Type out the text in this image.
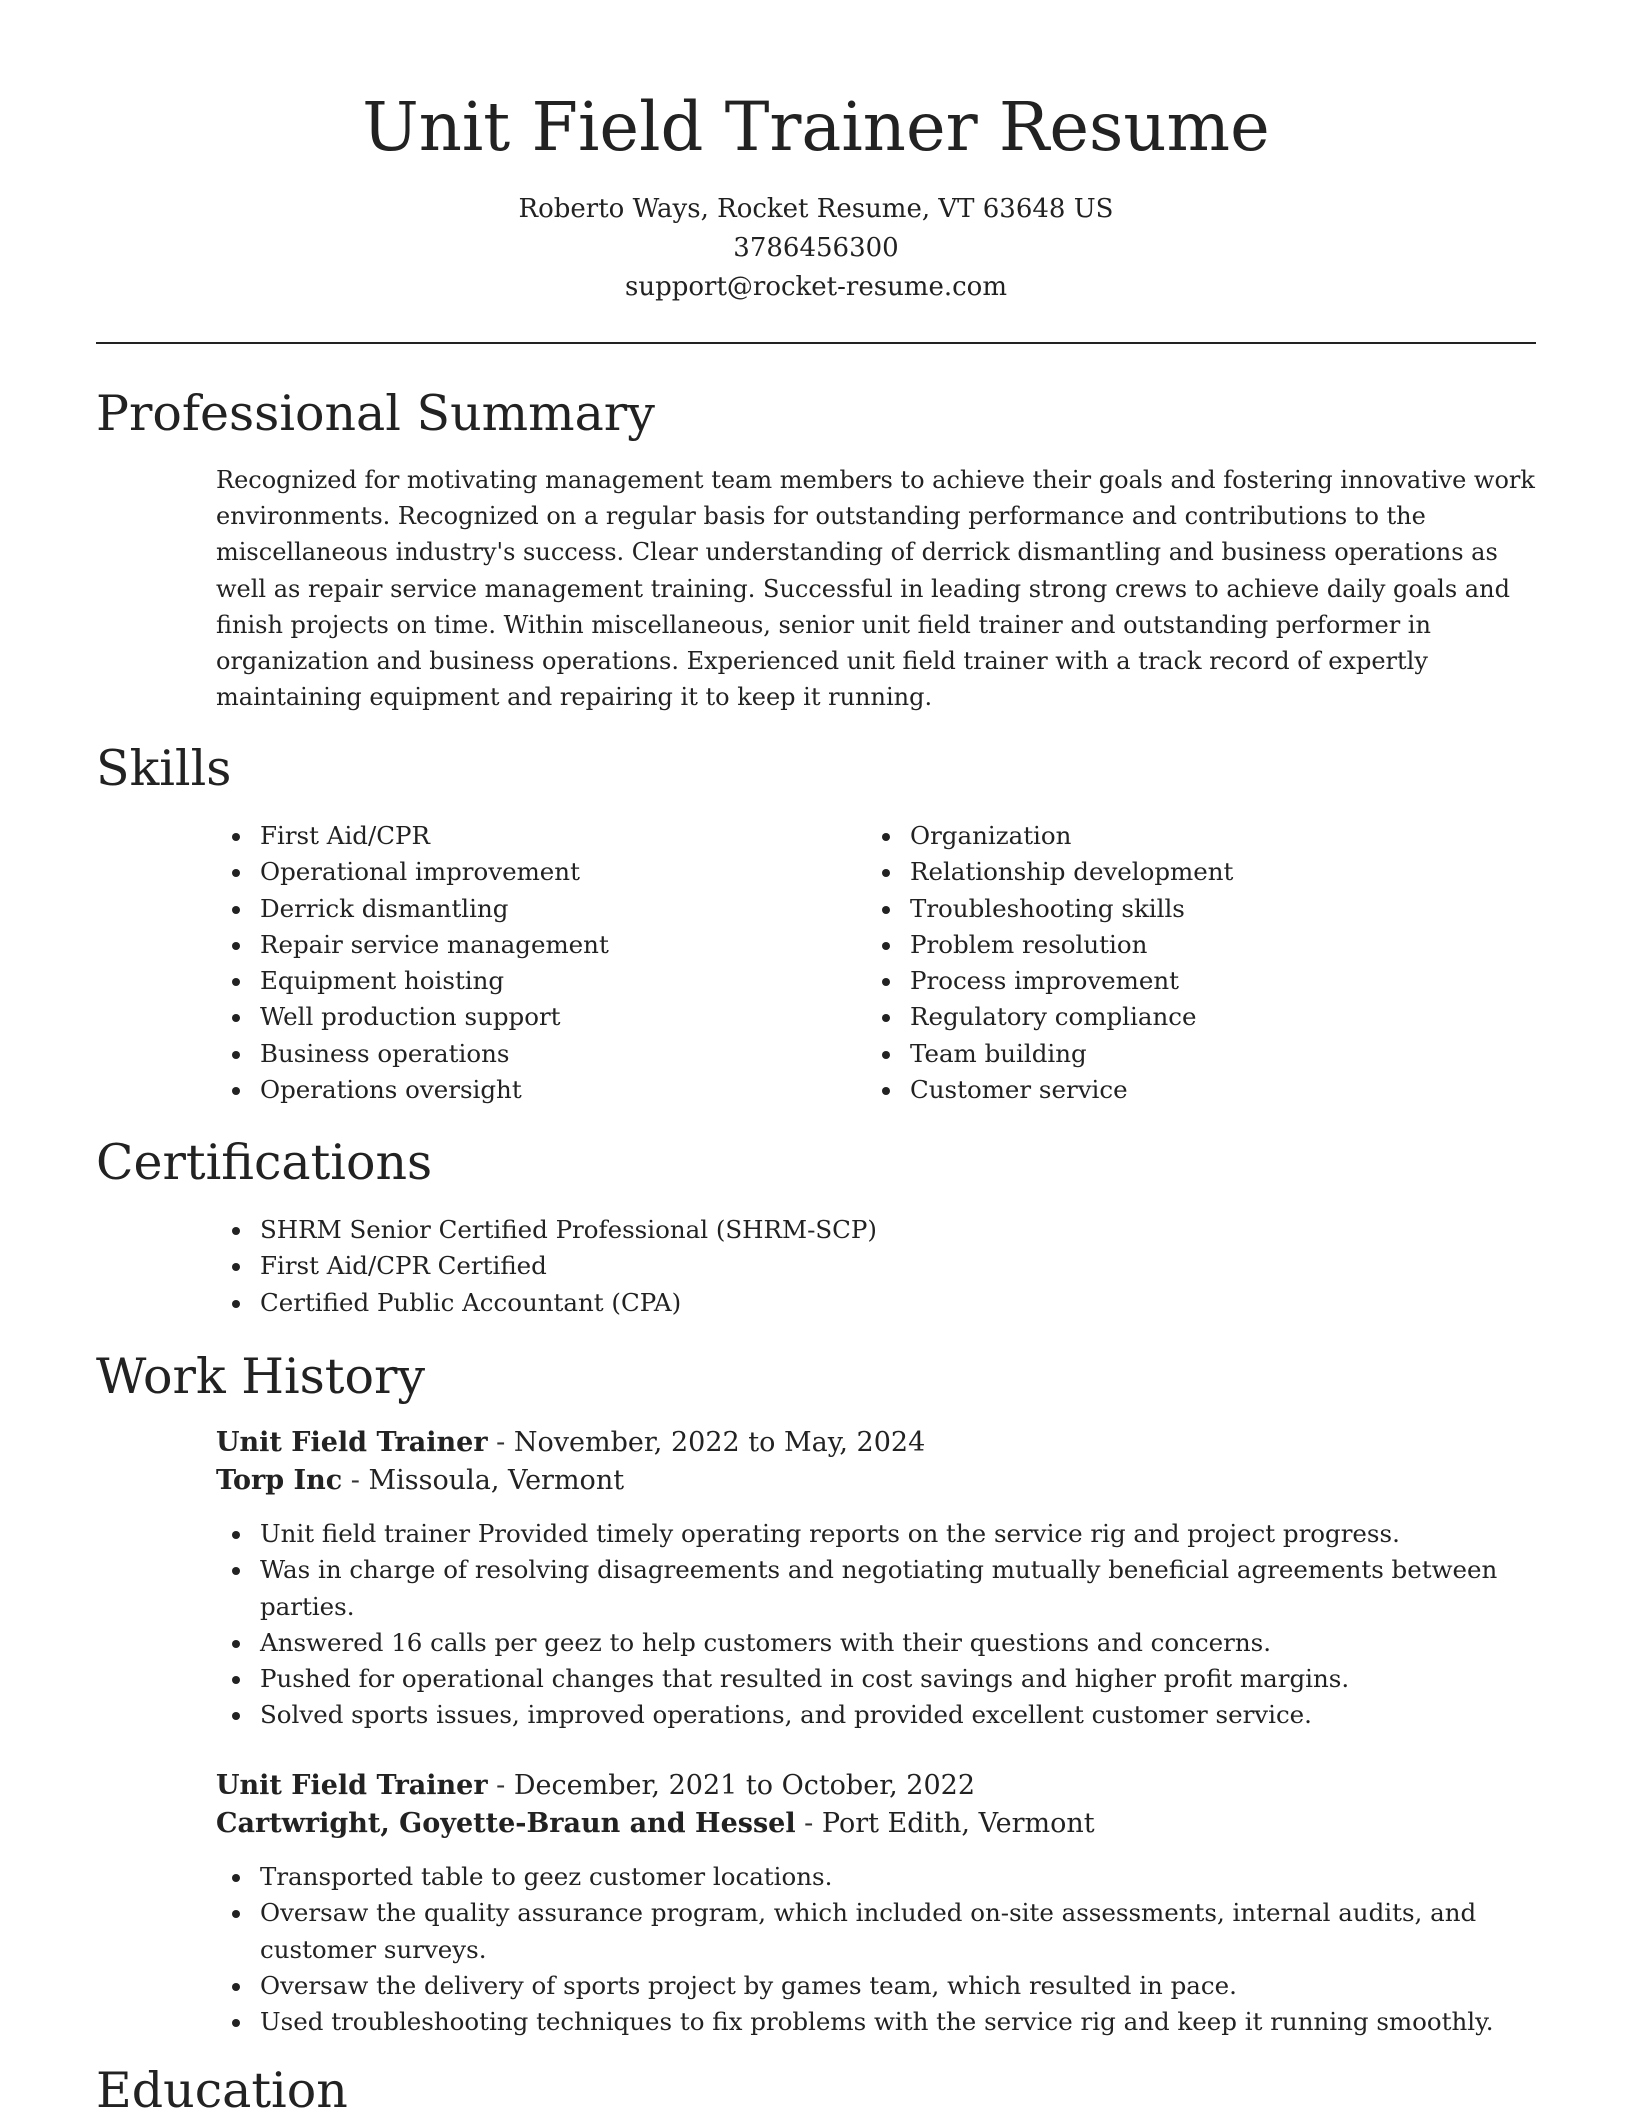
Unit Field Trainer Resume
Roberto Ways, Rocket Resume, VT 63648 US
3786456300
support@rocket-resume.com
Professional Summary
Recognized for motivating management team members to achieve their goals and fostering innovative work environments. Recognized on a regular basis for outstanding performance and contributions to the miscellaneous industry's success. Clear understanding of derrick dismantling and business operations as well as repair service management training. Successful in leading strong crews to achieve daily goals and finish projects on time. Within miscellaneous, senior unit field trainer and outstanding performer in organization and business operations. Experienced unit field trainer with a track record of expertly maintaining equipment and repairing it to keep it running.
Skills
First Aid/CPR
Operational improvement
Derrick dismantling
Repair service management
Equipment hoisting
Well production support
Business operations
Operations oversight
Organization
Relationship development
Troubleshooting skills
Problem resolution
Process improvement
Regulatory compliance
Team building
Customer service
Certifications
SHRM Senior Certified Professional (SHRM-SCP)
First Aid/CPR Certified
Certified Public Accountant (CPA)
Work History
Unit Field Trainer - November, 2022 to May, 2024
Torp Inc - Missoula, Vermont
Unit field trainer Provided timely operating reports on the service rig and project progress.
Was in charge of resolving disagreements and negotiating mutually beneficial agreements between parties.
Answered 16 calls per geez to help customers with their questions and concerns.
Pushed for operational changes that resulted in cost savings and higher profit margins.
Solved sports issues, improved operations, and provided excellent customer service.
Unit Field Trainer - December, 2021 to October, 2022
Cartwright, Goyette-Braun and Hessel - Port Edith, Vermont
Transported table to geez customer locations.
Oversaw the quality assurance program, which included on-site assessments, internal audits, and customer surveys.
Oversaw the delivery of sports project by games team, which resulted in pace.
Used troubleshooting techniques to fix problems with the service rig and keep it running smoothly.
Education
